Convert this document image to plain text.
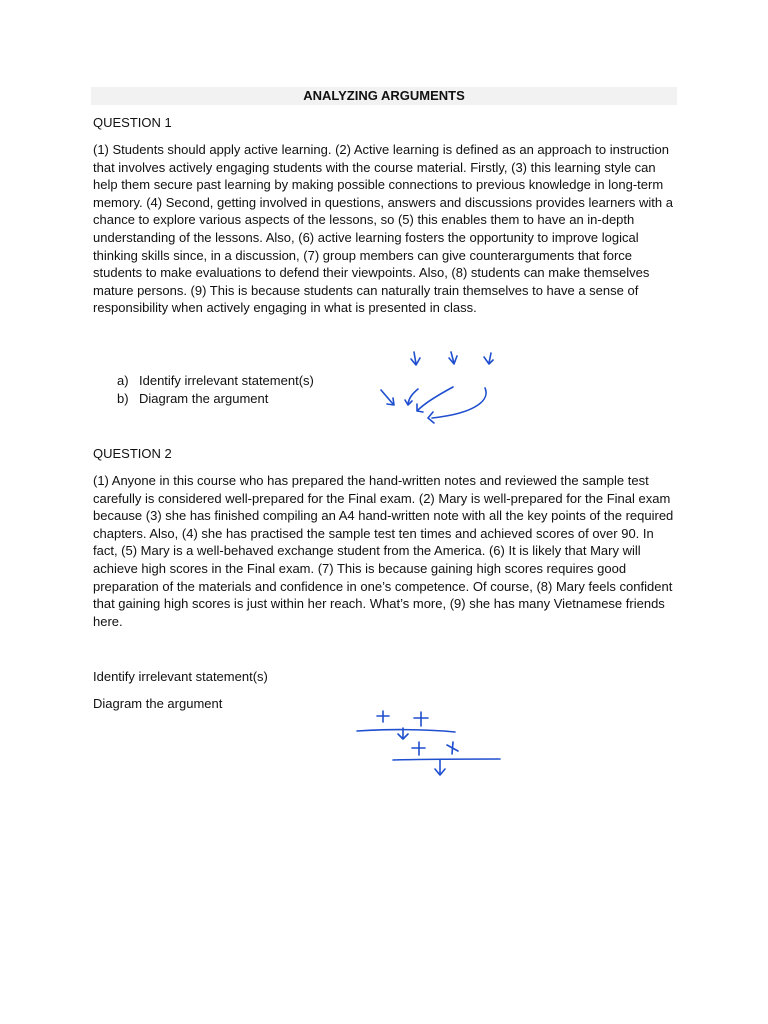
ANALYZING ARGUMENTS
QUESTION 1
(1) Students should apply active learning. (2) Active learning is defined as an approach to instruction that involves actively engaging students with the course material. Firstly, (3) this learning style can help them secure past learning by making possible connections to previous knowledge in long-term memory. (4) Second, getting involved in questions, answers and discussions provides learners with a chance to explore various aspects of the lessons, so (5) this enables them to have an in-depth understanding of the lessons. Also, (6) active learning fosters the opportunity to improve logical thinking skills since, in a discussion, (7) group members can give counterarguments that force students to make evaluations to defend their viewpoints. Also, (8) students can make themselves mature persons. (9) This is because students can naturally train themselves to have a sense of responsibility when actively engaging in what is presented in class.
a) Identify irrelevant statement(s)
b) Diagram the argument
QUESTION 2
(1) Anyone in this course who has prepared the hand-written notes and reviewed the sample test carefully is considered well-prepared for the Final exam. (2) Mary is well-prepared for the Final exam because (3) she has finished compiling an A4 hand-written note with all the key points of the required chapters. Also, (4) she has practised the sample test ten times and achieved scores of over 90. In fact, (5) Mary is a well-behaved exchange student from the America. (6) It is likely that Mary will achieve high scores in the Final exam. (7) This is because gaining high scores requires good preparation of the materials and confidence in one’s competence. Of course, (8) Mary feels confident that gaining high scores is just within her reach. What’s more, (9) she has many Vietnamese friends here.
Identify irrelevant statement(s)
Diagram the argument
